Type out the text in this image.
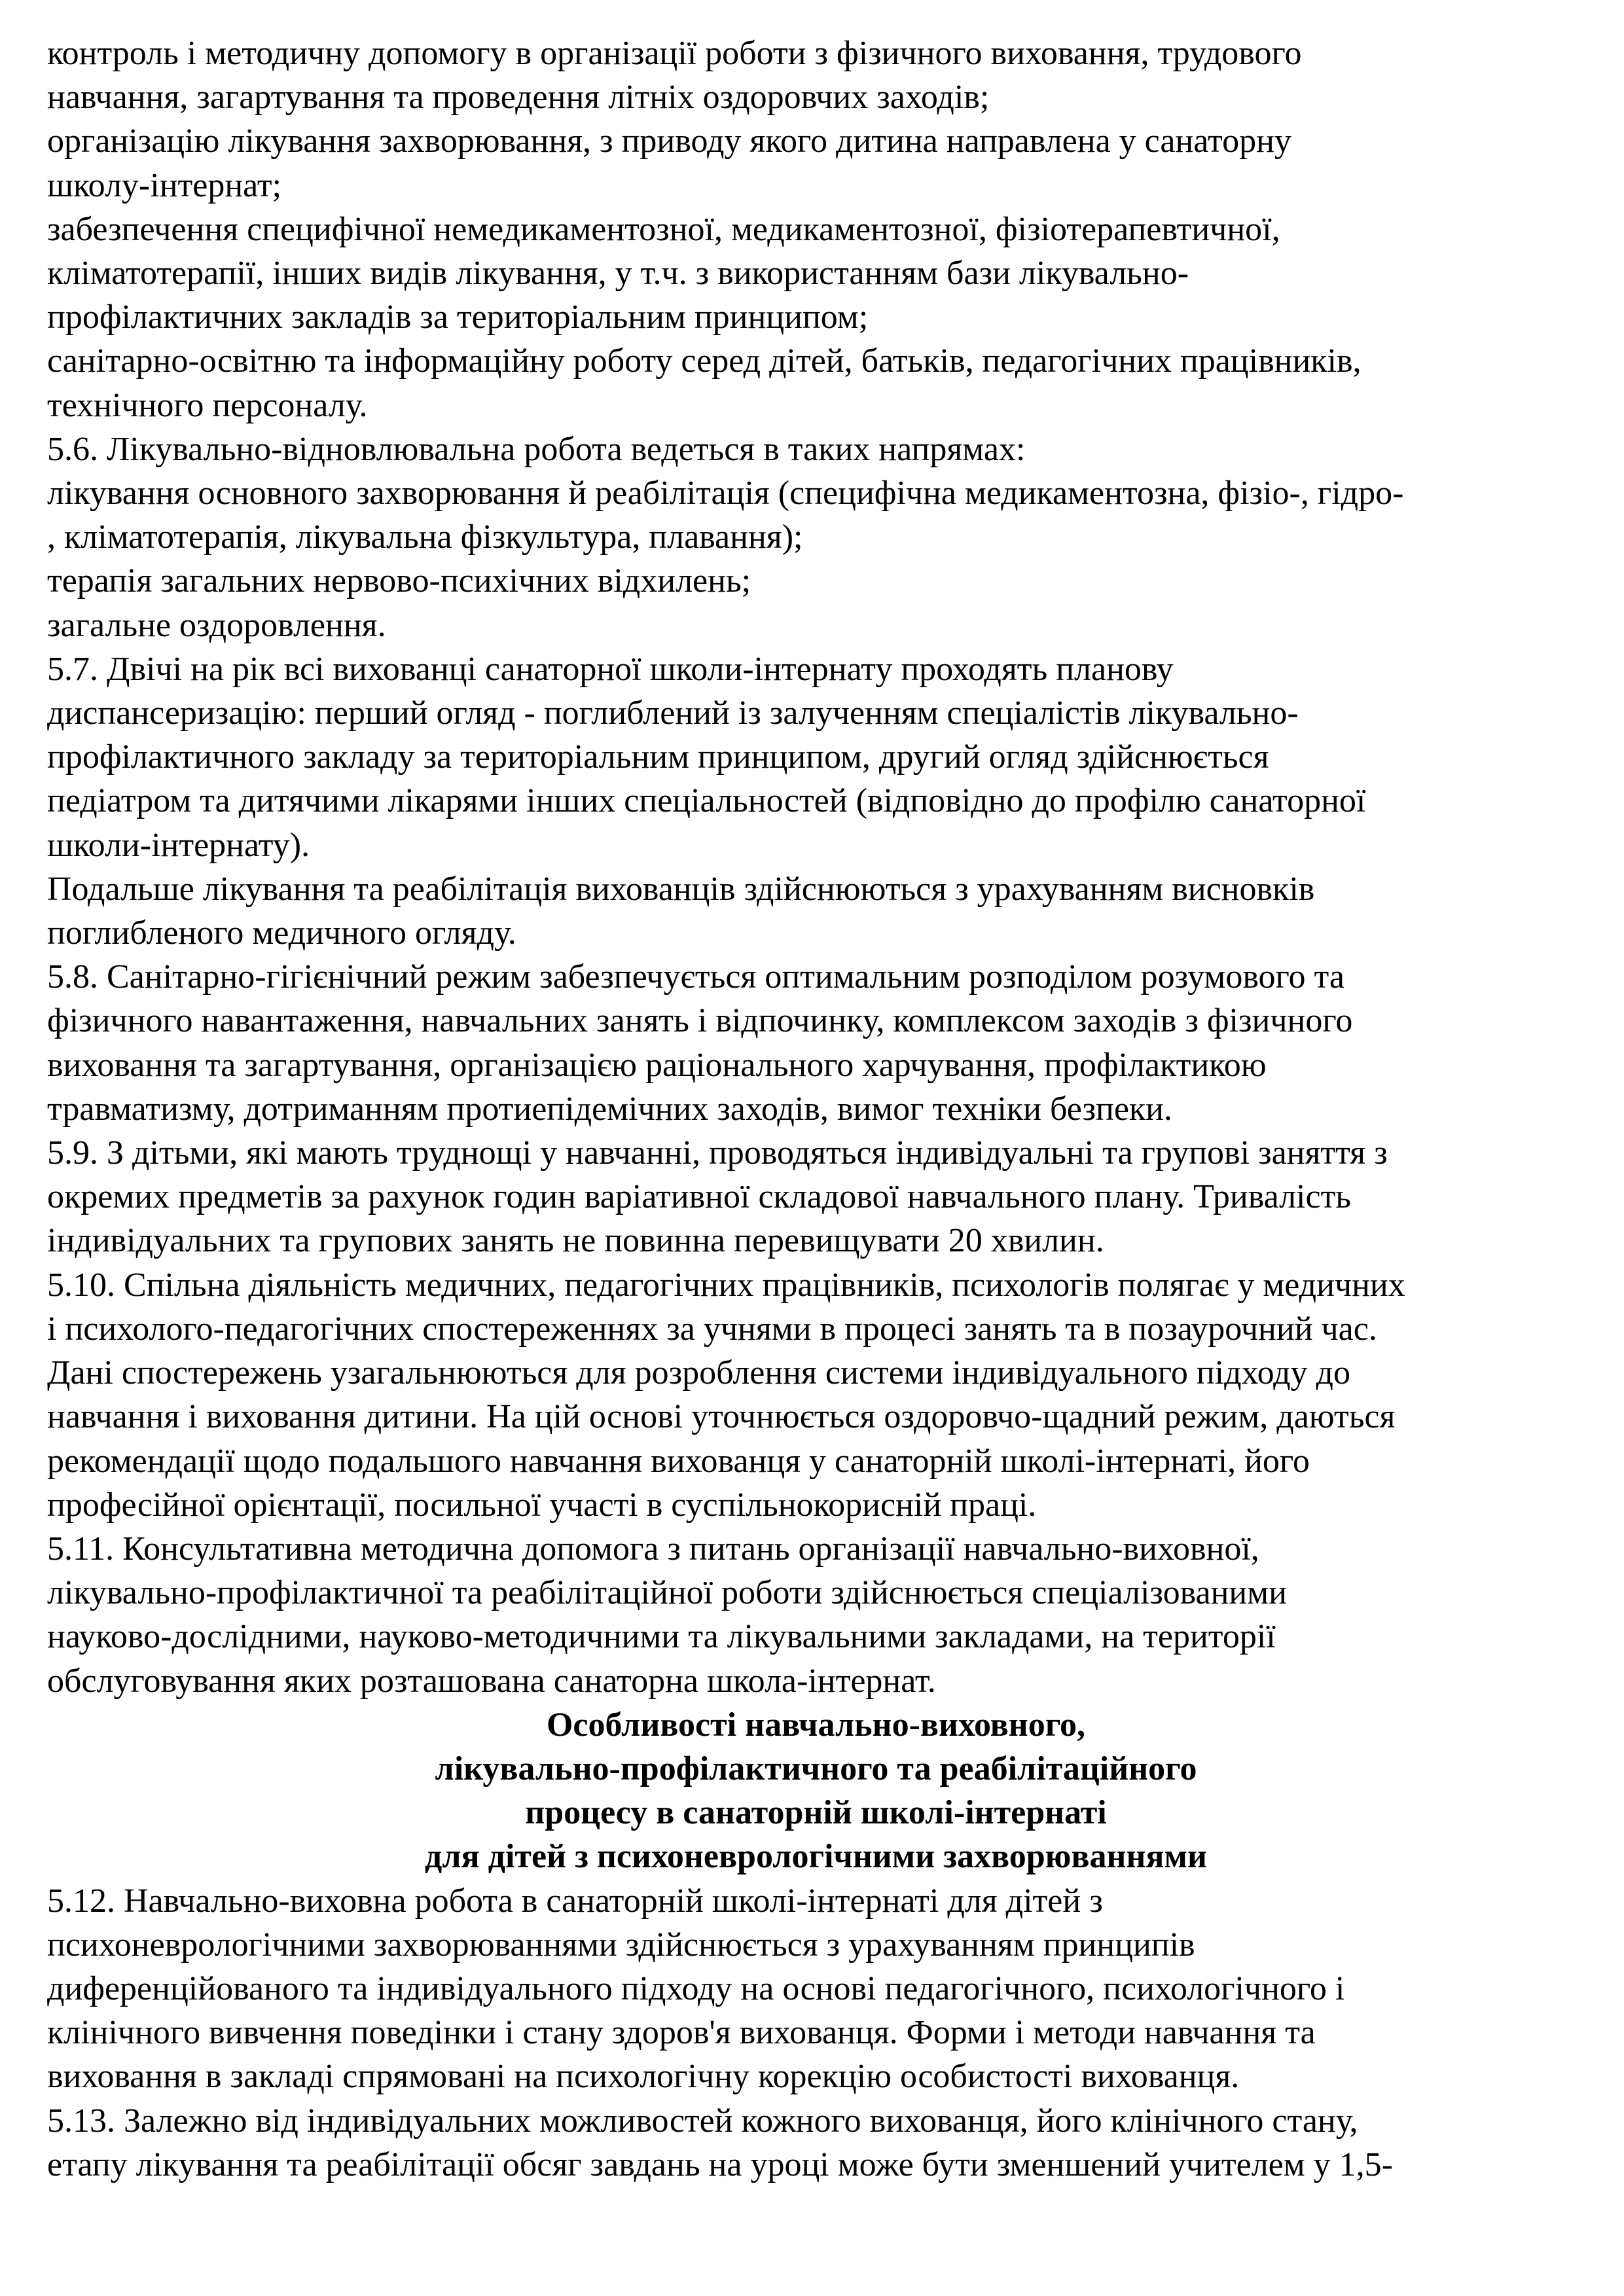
контроль і методичну допомогу в організації роботи з фізичного виховання, трудового
навчання, загартування та проведення літніх оздоровчих заходів;
організацію лікування захворювання, з приводу якого дитина направлена у санаторну
школу-інтернат;
забезпечення специфічної немедикаментозної, медикаментозної, фізіотерапевтичної,
кліматотерапії, інших видів лікування, у т.ч. з використанням бази лікувально-
профілактичних закладів за територіальним принципом;
санітарно-освітню та інформаційну роботу серед дітей, батьків, педагогічних працівників,
технічного персоналу.
5.6. Лікувально-відновлювальна робота ведеться в таких напрямах:
лікування основного захворювання й реабілітація (специфічна медикаментозна, фізіо-, гідро-
, кліматотерапія, лікувальна фізкультура, плавання);
терапія загальних нервово-психічних відхилень;
загальне оздоровлення.
5.7. Двічі на рік всі вихованці санаторної школи-інтернату проходять планову
диспансеризацію: перший огляд - поглиблений із залученням спеціалістів лікувально-
профілактичного закладу за територіальним принципом, другий огляд здійснюється
педіатром та дитячими лікарями інших спеціальностей (відповідно до профілю санаторної
школи-інтернату).
Подальше лікування та реабілітація вихованців здійснюються з урахуванням висновків
поглибленого медичного огляду.
5.8. Санітарно-гігієнічний режим забезпечується оптимальним розподілом розумового та
фізичного навантаження, навчальних занять і відпочинку, комплексом заходів з фізичного
виховання та загартування, організацією раціонального харчування, профілактикою
травматизму, дотриманням протиепідемічних заходів, вимог техніки безпеки.
5.9. З дітьми, які мають труднощі у навчанні, проводяться індивідуальні та групові заняття з
окремих предметів за рахунок годин варіативної складової навчального плану. Тривалість
індивідуальних та групових занять не повинна перевищувати 20 хвилин.
5.10. Спільна діяльність медичних, педагогічних працівників, психологів полягає у медичних
і психолого-педагогічних спостереженнях за учнями в процесі занять та в позаурочний час.
Дані спостережень узагальнюються для розроблення системи індивідуального підходу до
навчання і виховання дитини. На цій основі уточнюється оздоровчо-щадний режим, даються
рекомендації щодо подальшого навчання вихованця у санаторній школі-інтернаті, його
професійної орієнтації, посильної участі в суспільнокорисній праці.
5.11. Консультативна методична допомога з питань організації навчально-виховної,
лікувально-профілактичної та реабілітаційної роботи здійснюється спеціалізованими
науково-дослідними, науково-методичними та лікувальними закладами, на території
обслуговування яких розташована санаторна школа-інтернат.
Особливості навчально-виховного,
лікувально-профілактичного та реабілітаційного
процесу в санаторній школі-інтернаті
для дітей з психоневрологічними захворюваннями
5.12. Навчально-виховна робота в санаторній школі-інтернаті для дітей з
психоневрологічними захворюваннями здійснюється з урахуванням принципів
диференційованого та індивідуального підходу на основі педагогічного, психологічного і
клінічного вивчення поведінки і стану здоров'я вихованця. Форми і методи навчання та
виховання в закладі спрямовані на психологічну корекцію особистості вихованця.
5.13. Залежно від індивідуальних можливостей кожного вихованця, його клінічного стану,
етапу лікування та реабілітації обсяг завдань на уроці може бути зменшений учителем у 1,5-
